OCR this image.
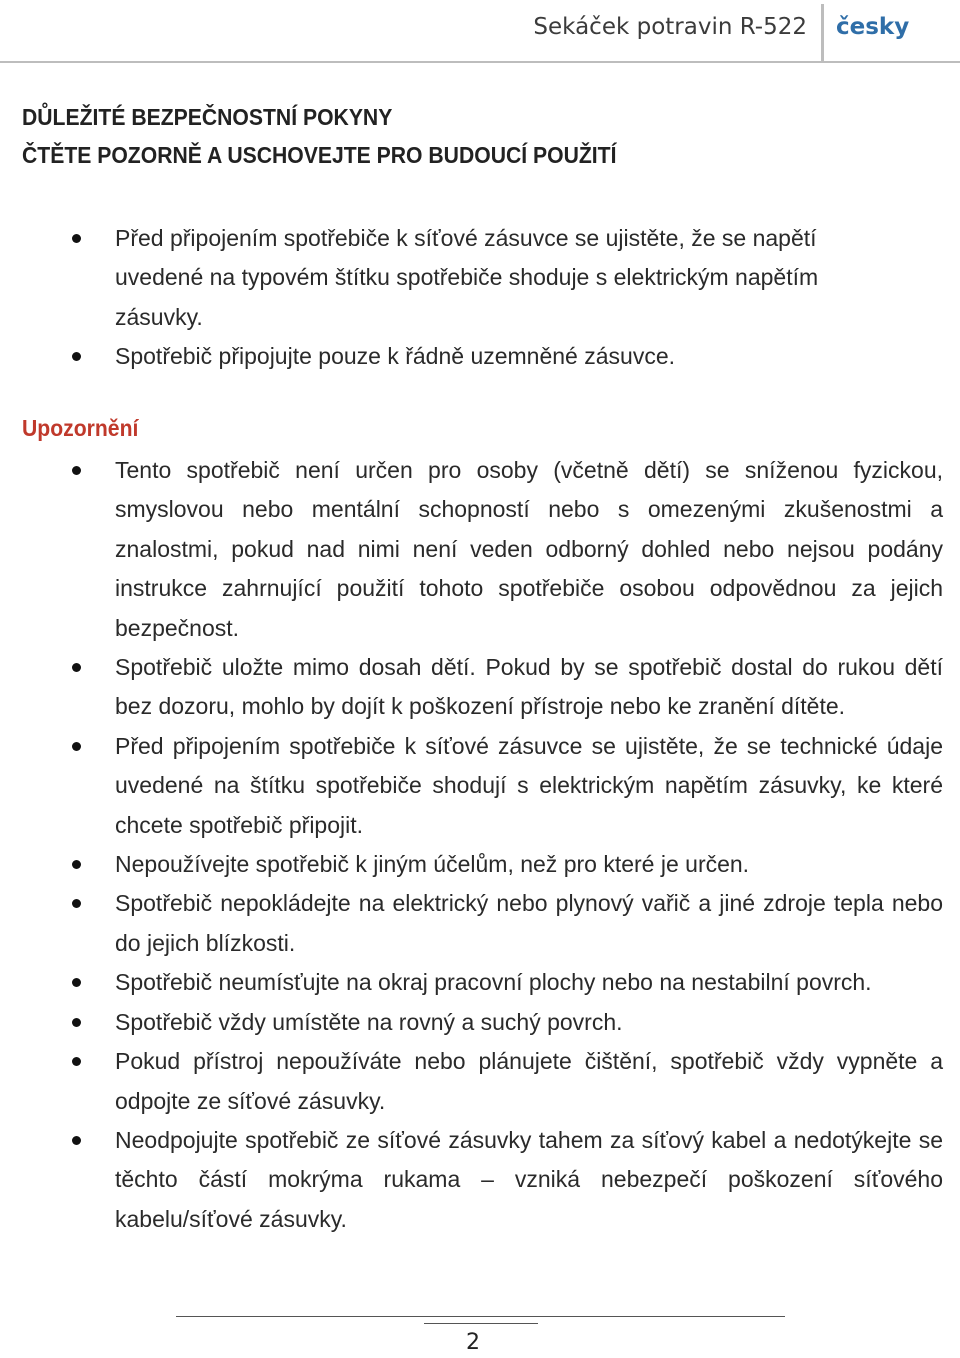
Sekáček potravin R-522 česky
DŮLEŽITÉ BEZPEČNOSTNÍ POKYNY
ČTĚTE POZORNĚ A USCHOVEJTE PRO BUDOUCÍ POUŽITÍ
Před připojením spotřebiče k síťové zásuvce se ujistěte, že se napětí uvedené na typovém štítku spotřebiče shoduje s elektrickým napětím zásuvky.
Spotřebič připojujte pouze k řádně uzemněné zásuvce.
Upozornění
Tento spotřebič není určen pro osoby (včetně dětí) se sníženou fyzickou, smyslovou nebo mentální schopností nebo s omezenými zkušenostmi a znalostmi, pokud nad nimi není veden odborný dohled nebo nejsou podány instrukce zahrnující použití tohoto spotřebiče osobou odpovědnou za jejich bezpečnost.
Spotřebič uložte mimo dosah dětí. Pokud by se spotřebič dostal do rukou dětí bez dozoru, mohlo by dojít k poškození přístroje nebo ke zranění dítěte.
Před připojením spotřebiče k síťové zásuvce se ujistěte, že se technické údaje uvedené na štítku spotřebiče shodují s elektrickým napětím zásuvky, ke které chcete spotřebič připojit.
Nepoužívejte spotřebič k jiným účelům, než pro které je určen.
Spotřebič nepokládejte na elektrický nebo plynový vařič a jiné zdroje tepla nebo do jejich blízkosti.
Spotřebič neumísťujte na okraj pracovní plochy nebo na nestabilní povrch.
Spotřebič vždy umístěte na rovný a suchý povrch.
Pokud přístroj nepoužíváte nebo plánujete čištění, spotřebič vždy vypněte a odpojte ze síťové zásuvky.
Neodpojujte spotřebič ze síťové zásuvky tahem za síťový kabel a nedotýkejte se těchto částí mokrýma rukama – vzniká nebezpečí poškození síťového kabelu/síťové zásuvky.
2
